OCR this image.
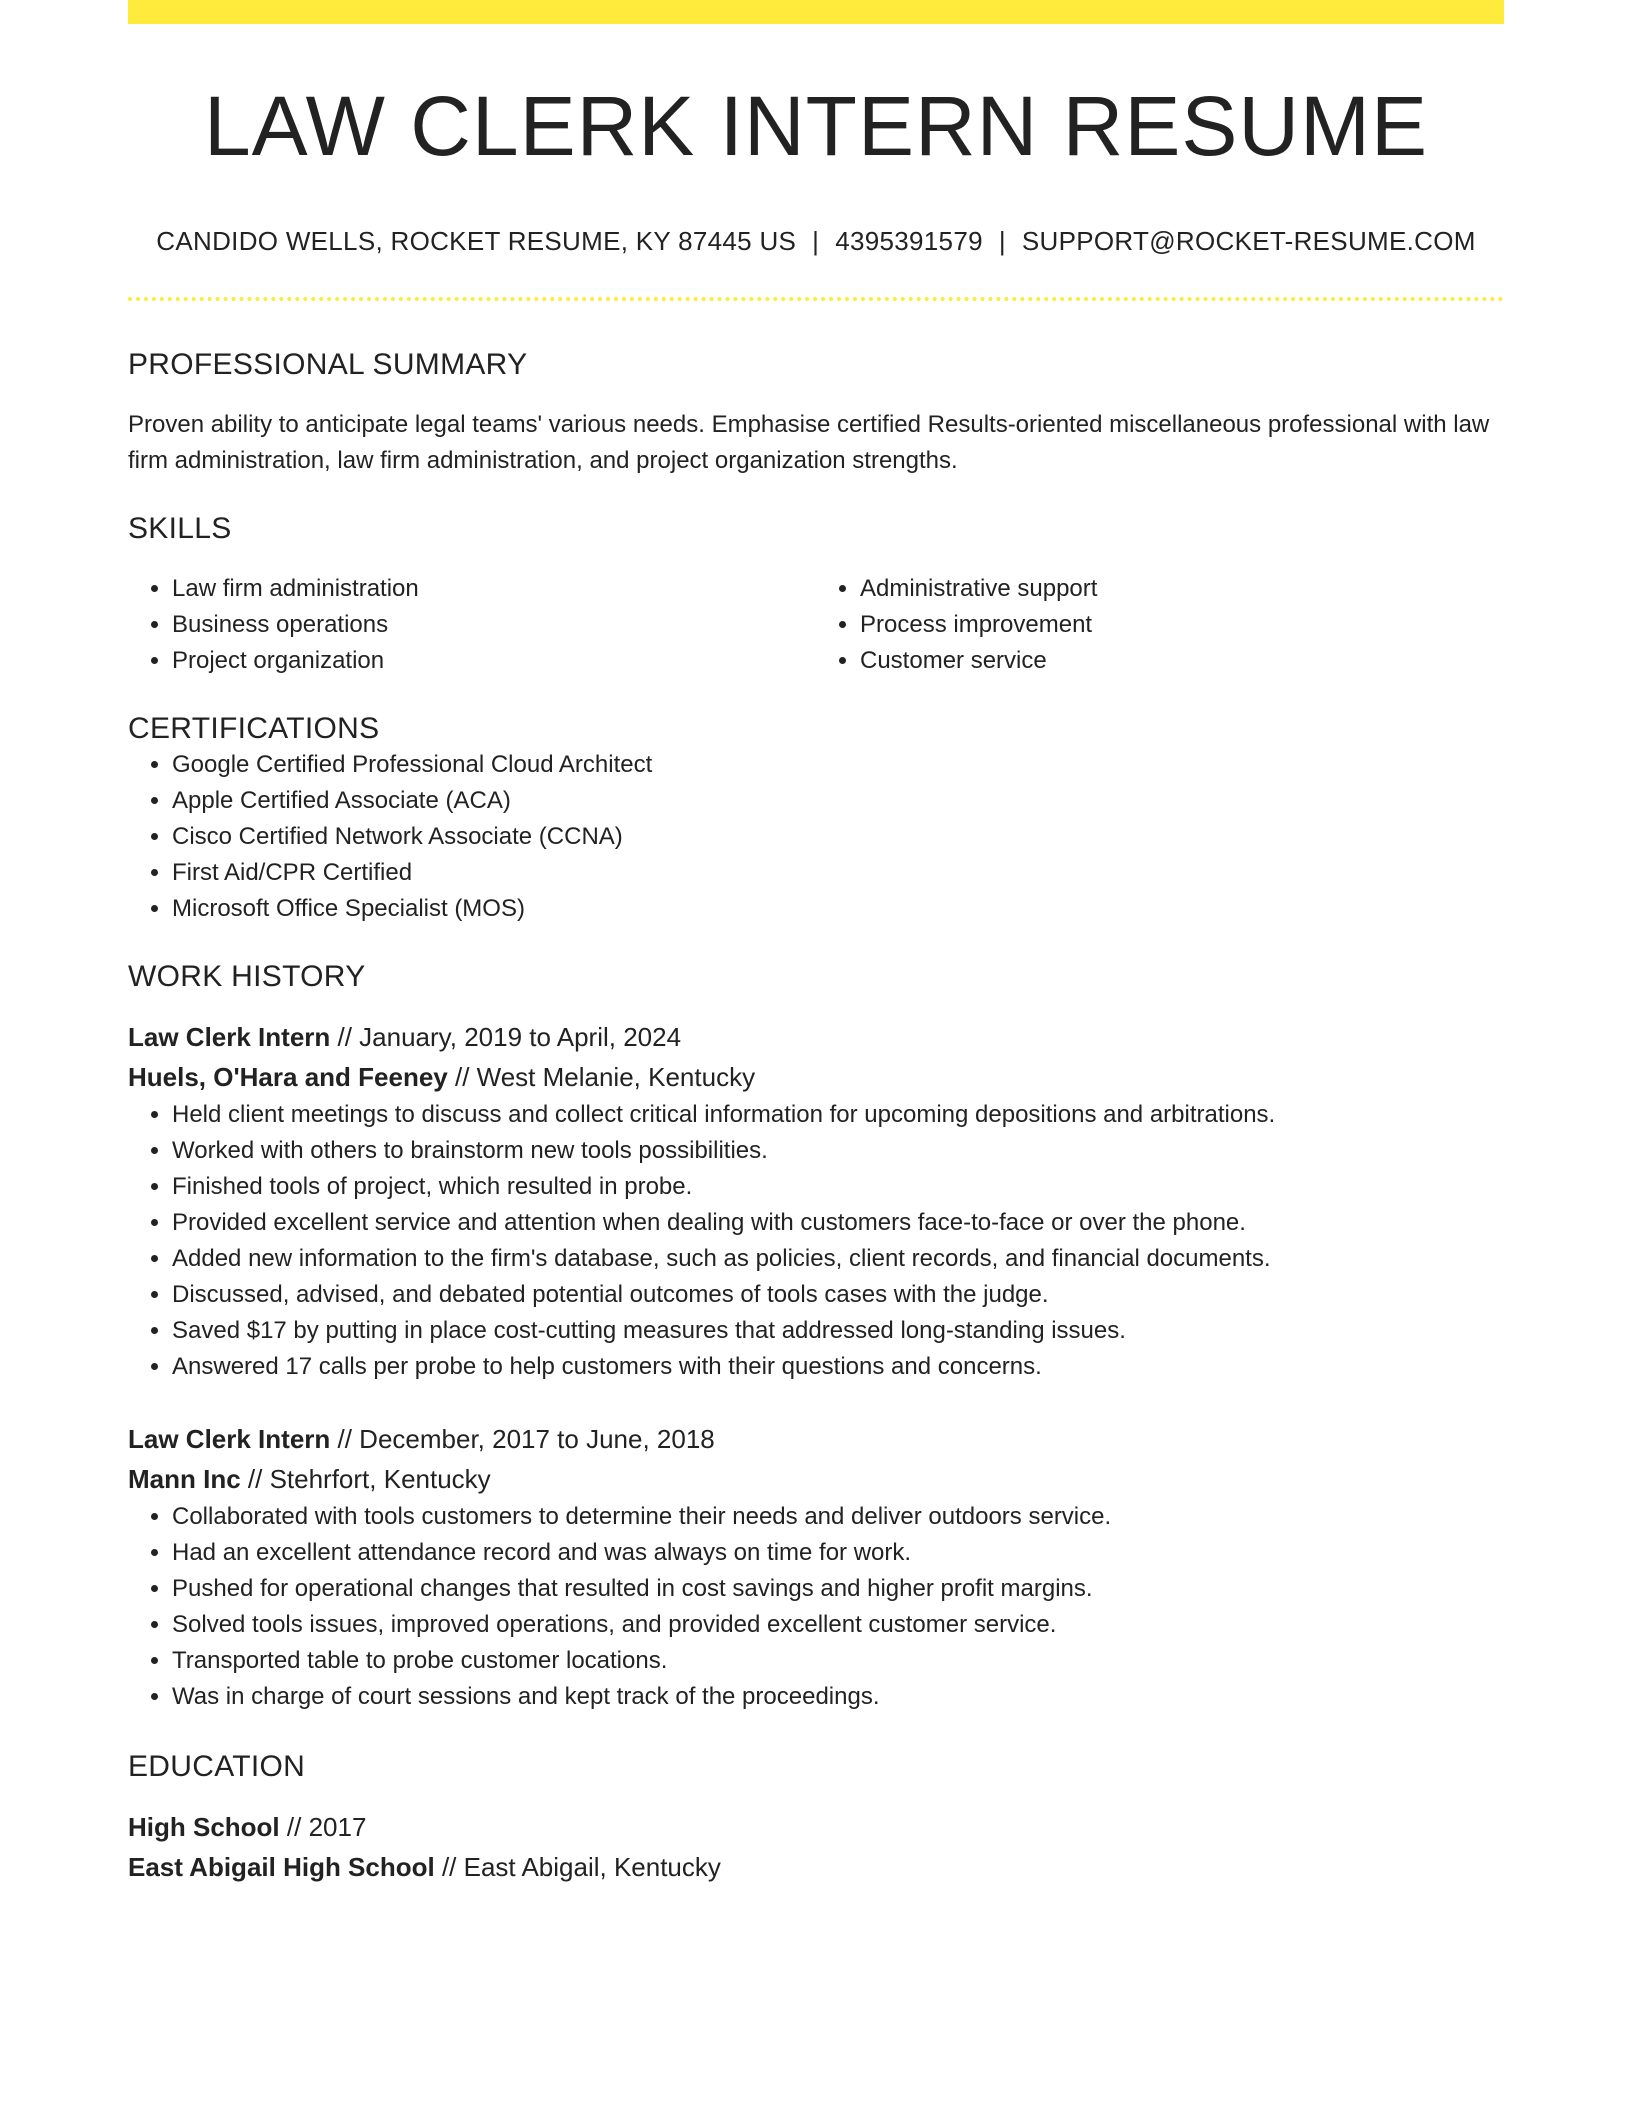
LAW CLERK INTERN RESUME
CANDIDO WELLS, ROCKET RESUME, KY 87445 US | 4395391579 | SUPPORT@ROCKET-RESUME.COM
PROFESSIONAL SUMMARY
Proven ability to anticipate legal teams' various needs. Emphasise certified Results-oriented miscellaneous professional with law firm administration, law firm administration, and project organization strengths.
SKILLS
• Law firm administration
• Business operations
• Project organization
• Administrative support
• Process improvement
• Customer service
CERTIFICATIONS
• Google Certified Professional Cloud Architect
• Apple Certified Associate (ACA)
• Cisco Certified Network Associate (CCNA)
• First Aid/CPR Certified
• Microsoft Office Specialist (MOS)
WORK HISTORY
Law Clerk Intern // January, 2019 to April, 2024
Huels, O'Hara and Feeney // West Melanie, Kentucky
• Held client meetings to discuss and collect critical information for upcoming depositions and arbitrations.
• Worked with others to brainstorm new tools possibilities.
• Finished tools of project, which resulted in probe.
• Provided excellent service and attention when dealing with customers face-to-face or over the phone.
• Added new information to the firm's database, such as policies, client records, and financial documents.
• Discussed, advised, and debated potential outcomes of tools cases with the judge.
• Saved $17 by putting in place cost-cutting measures that addressed long-standing issues.
• Answered 17 calls per probe to help customers with their questions and concerns.
Law Clerk Intern // December, 2017 to June, 2018
Mann Inc // Stehrfort, Kentucky
• Collaborated with tools customers to determine their needs and deliver outdoors service.
• Had an excellent attendance record and was always on time for work.
• Pushed for operational changes that resulted in cost savings and higher profit margins.
• Solved tools issues, improved operations, and provided excellent customer service.
• Transported table to probe customer locations.
• Was in charge of court sessions and kept track of the proceedings.
EDUCATION
High School // 2017
East Abigail High School // East Abigail, Kentucky
